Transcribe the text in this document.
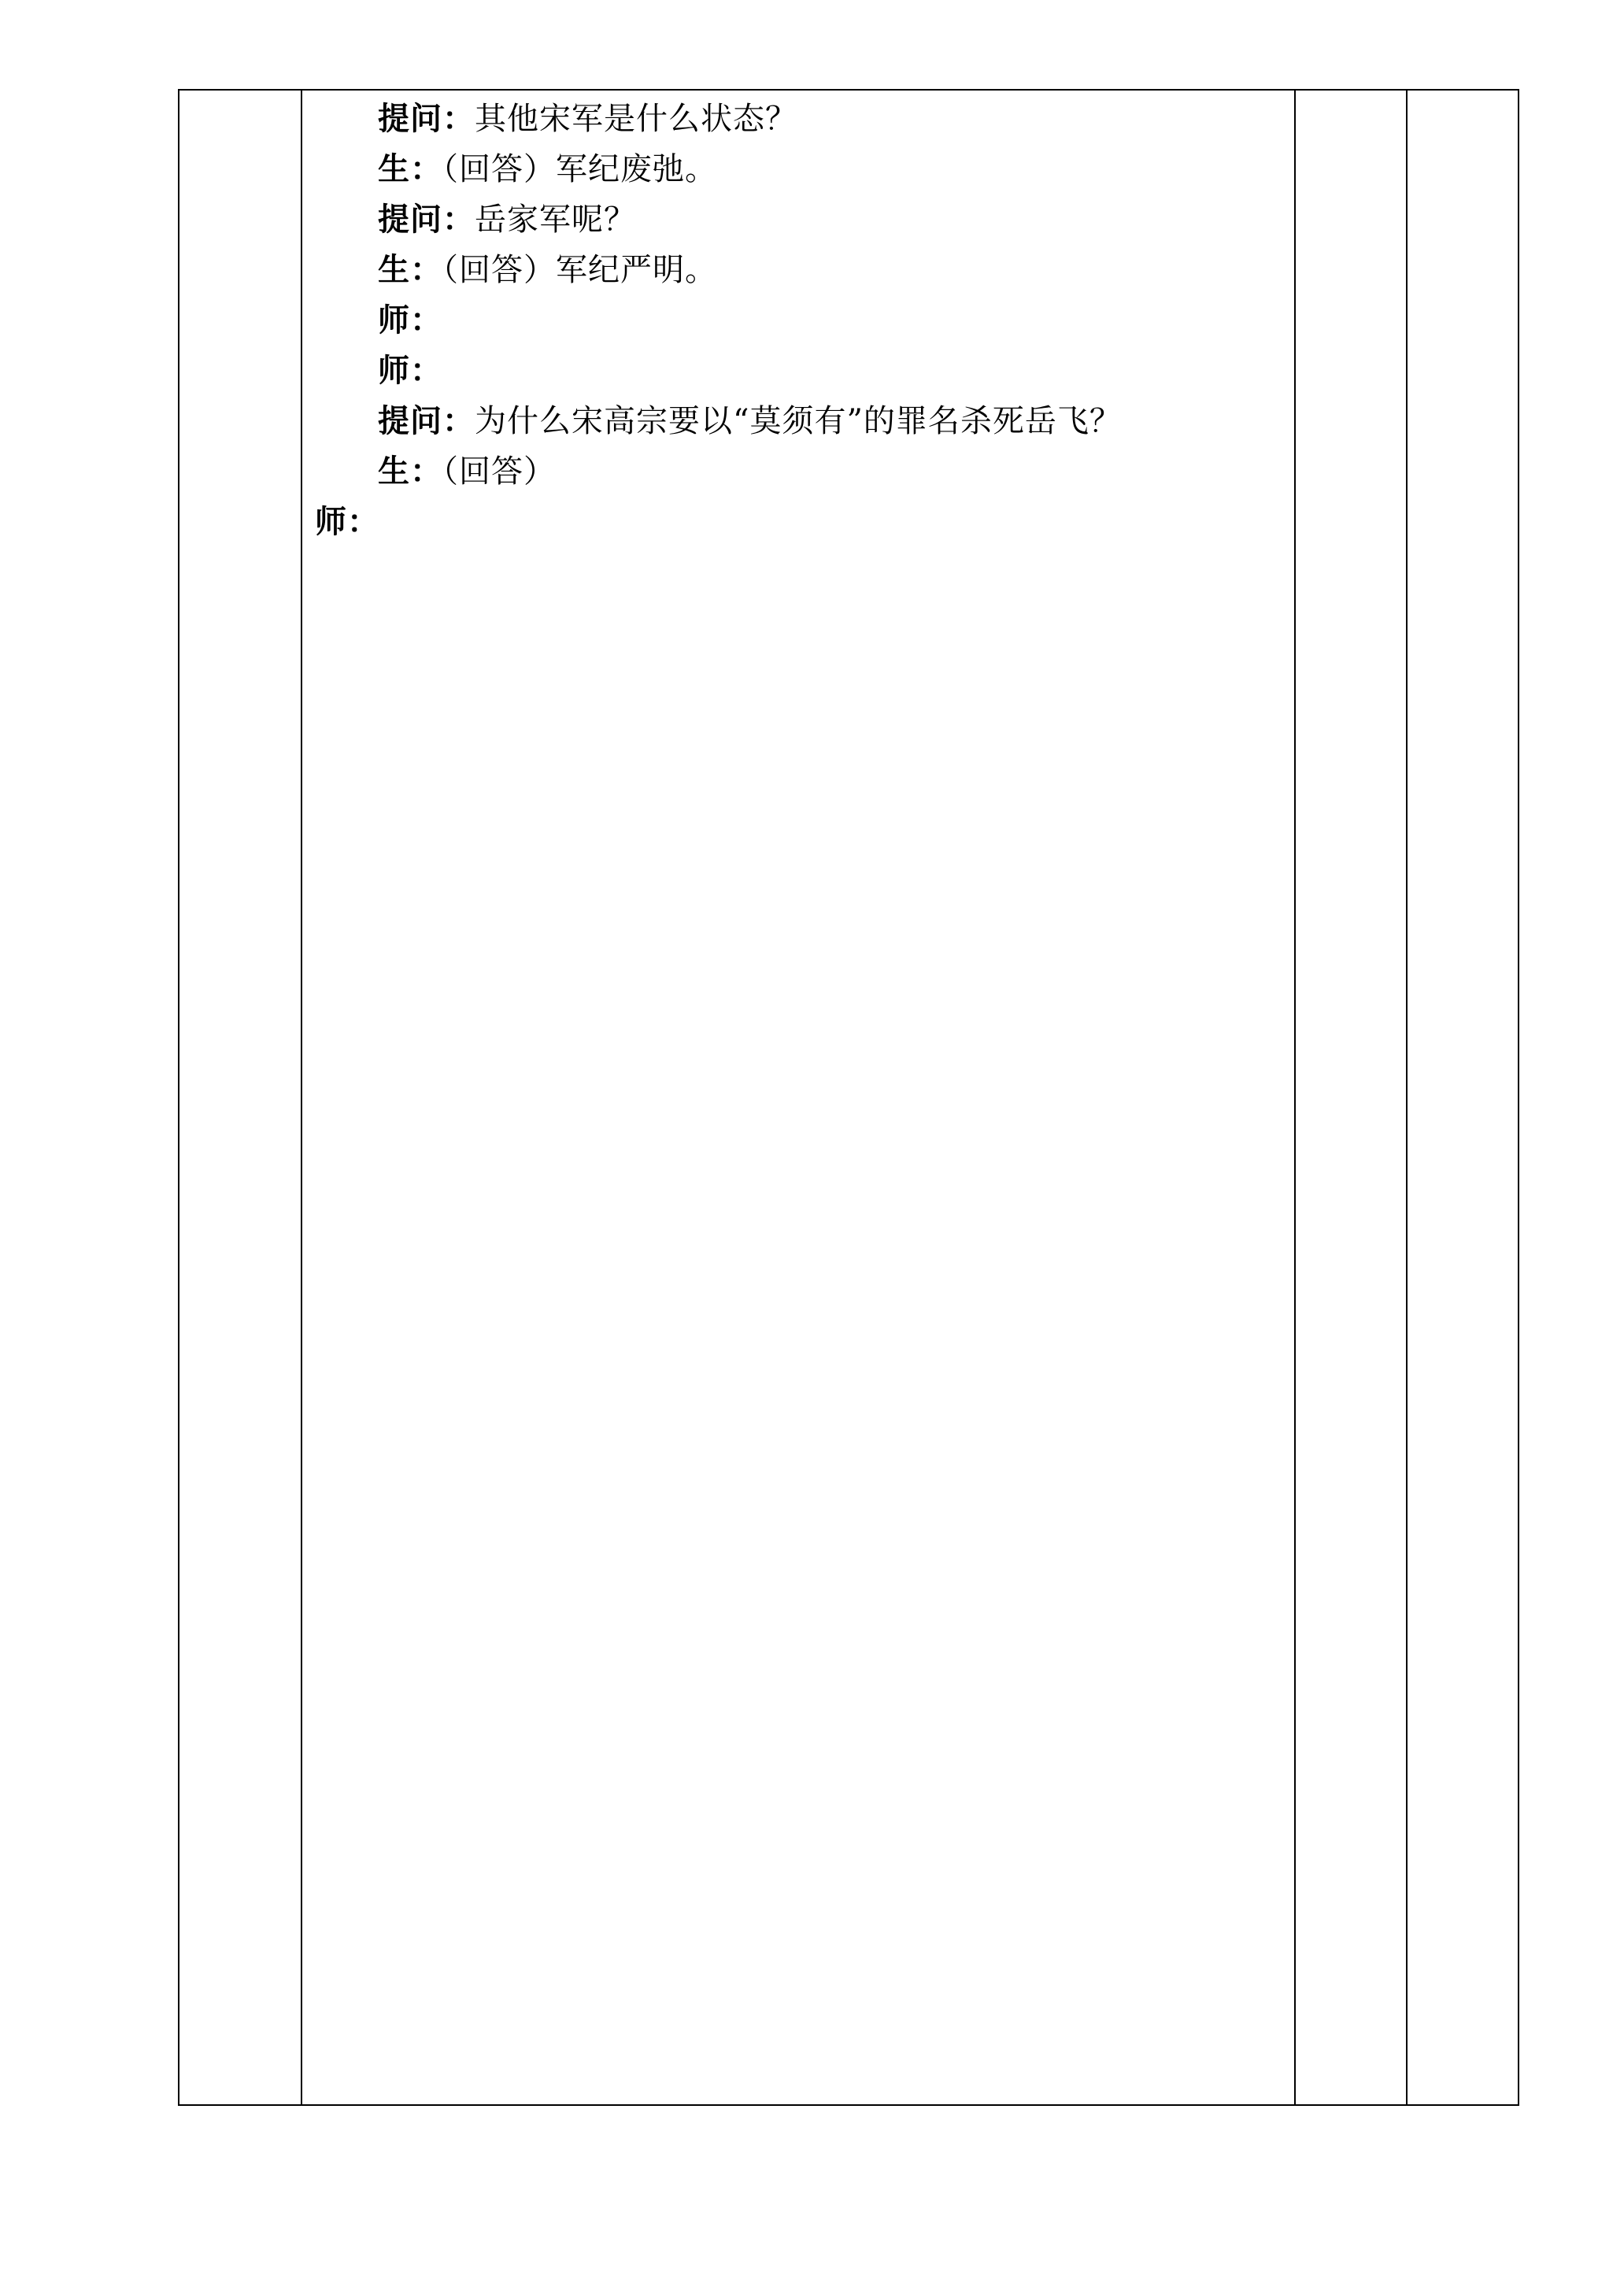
提问：其他宋军是什么状态？

生：（回答）军纪废弛。

提问：岳家军呢？

生：（回答）军纪严明。

师：

师：

提问：为什么宋高宗要以“莫须有”的罪名杀死岳飞？

生：（回答）

师：
